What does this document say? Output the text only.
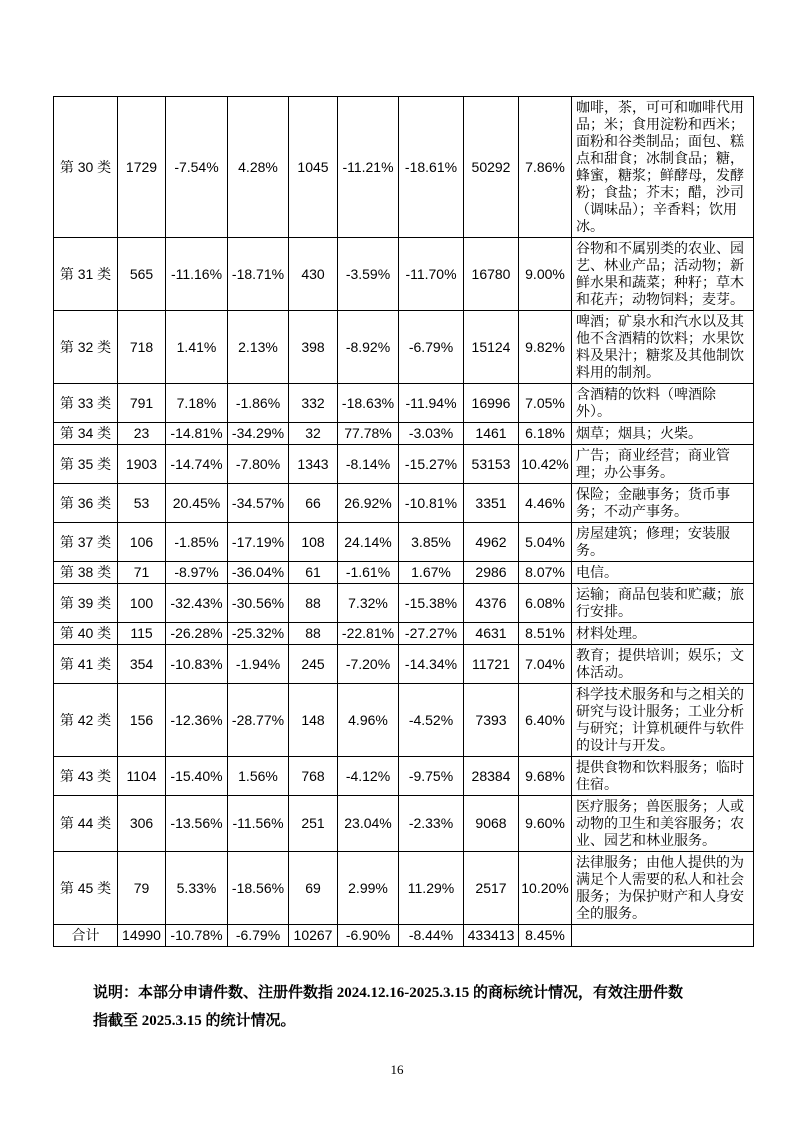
第 30 类	1729	-7.54%	4.28%	1045	-11.21%	-18.61%	50292	7.86%	咖啡，茶，可可和咖啡代用品；米；食用淀粉和西米；面粉和谷类制品；面包、糕点和甜食；冰制食品；糖，蜂蜜，糖浆；鲜酵母，发酵粉；食盐；芥末；醋，沙司（调味品）；辛香料；饮用冰。
第 31 类	565	-11.16%	-18.71%	430	-3.59%	-11.70%	16780	9.00%	谷物和不属别类的农业、园艺、林业产品；活动物；新鲜水果和蔬菜；种籽；草木和花卉；动物饲料；麦芽。
第 32 类	718	1.41%	2.13%	398	-8.92%	-6.79%	15124	9.82%	啤酒；矿泉水和汽水以及其他不含酒精的饮料；水果饮料及果汁；糖浆及其他制饮料用的制剂。
第 33 类	791	7.18%	-1.86%	332	-18.63%	-11.94%	16996	7.05%	含酒精的饮料（啤酒除外）。
第 34 类	23	-14.81%	-34.29%	32	77.78%	-3.03%	1461	6.18%	烟草；烟具；火柴。
第 35 类	1903	-14.74%	-7.80%	1343	-8.14%	-15.27%	53153	10.42%	广告；商业经营；商业管理；办公事务。
第 36 类	53	20.45%	-34.57%	66	26.92%	-10.81%	3351	4.46%	保险；金融事务；货币事务；不动产事务。
第 37 类	106	-1.85%	-17.19%	108	24.14%	3.85%	4962	5.04%	房屋建筑；修理；安装服务。
第 38 类	71	-8.97%	-36.04%	61	-1.61%	1.67%	2986	8.07%	电信。
第 39 类	100	-32.43%	-30.56%	88	7.32%	-15.38%	4376	6.08%	运输；商品包装和贮藏；旅行安排。
第 40 类	115	-26.28%	-25.32%	88	-22.81%	-27.27%	4631	8.51%	材料处理。
第 41 类	354	-10.83%	-1.94%	245	-7.20%	-14.34%	11721	7.04%	教育；提供培训；娱乐；文体活动。
第 42 类	156	-12.36%	-28.77%	148	4.96%	-4.52%	7393	6.40%	科学技术服务和与之相关的研究与设计服务；工业分析与研究；计算机硬件与软件的设计与开发。
第 43 类	1104	-15.40%	1.56%	768	-4.12%	-9.75%	28384	9.68%	提供食物和饮料服务；临时住宿。
第 44 类	306	-13.56%	-11.56%	251	23.04%	-2.33%	9068	9.60%	医疗服务；兽医服务；人或动物的卫生和美容服务；农业、园艺和林业服务。
第 45 类	79	5.33%	-18.56%	69	2.99%	11.29%	2517	10.20%	法律服务；由他人提供的为满足个人需要的私人和社会服务；为保护财产和人身安全的服务。
合计	14990	-10.78%	-6.79%	10267	-6.90%	-8.44%	433413	8.45%	

说明：本部分申请件数、注册件数指 2024.12.16-2025.3.15 的商标统计情况，有效注册件数指截至 2025.3.15 的统计情况。

16
